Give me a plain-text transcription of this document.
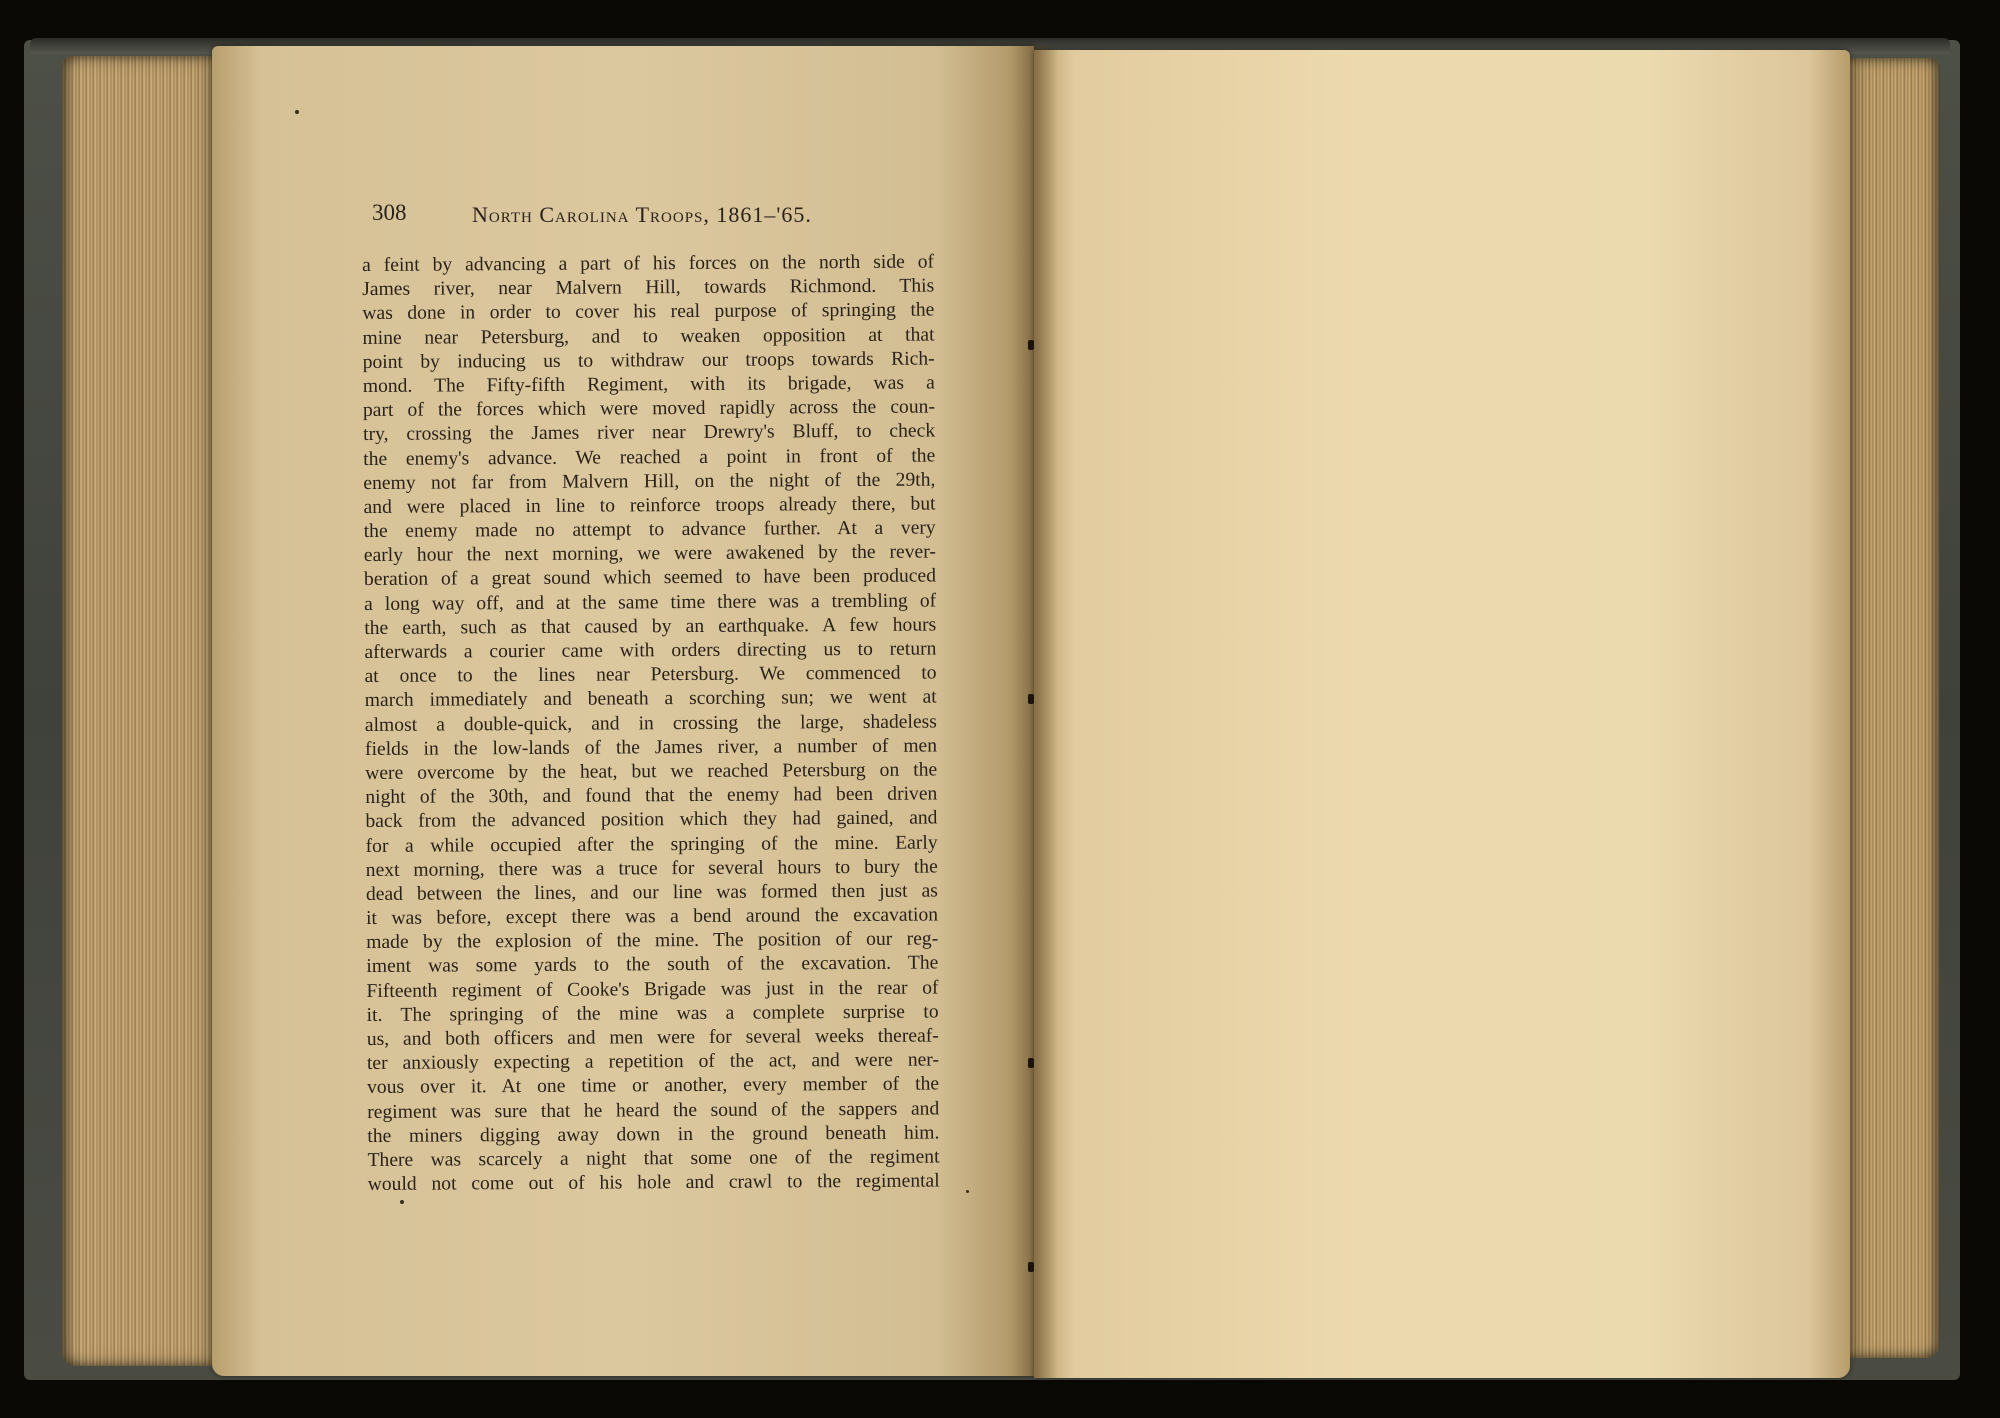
308	North Carolina Troops, 1861–'65.
a feint by advancing a part of his forces on the north side of
James river, near Malvern Hill, towards Richmond. This
was done in order to cover his real purpose of springing the
mine near Petersburg, and to weaken opposition at that
point by inducing us to withdraw our troops towards Rich-
mond. The Fifty-fifth Regiment, with its brigade, was a
part of the forces which were moved rapidly across the coun-
try, crossing the James river near Drewry's Bluff, to check
the enemy's advance. We reached a point in front of the
enemy not far from Malvern Hill, on the night of the 29th,
and were placed in line to reinforce troops already there, but
the enemy made no attempt to advance further. At a very
early hour the next morning, we were awakened by the rever-
beration of a great sound which seemed to have been produced
a long way off, and at the same time there was a trembling of
the earth, such as that caused by an earthquake. A few hours
afterwards a courier came with orders directing us to return
at once to the lines near Petersburg. We commenced to
march immediately and beneath a scorching sun; we went at
almost a double-quick, and in crossing the large, shadeless
fields in the low-lands of the James river, a number of men
were overcome by the heat, but we reached Petersburg on the
night of the 30th, and found that the enemy had been driven
back from the advanced position which they had gained, and
for a while occupied after the springing of the mine. Early
next morning, there was a truce for several hours to bury the
dead between the lines, and our line was formed then just as
it was before, except there was a bend around the excavation
made by the explosion of the mine. The position of our reg-
iment was some yards to the south of the excavation. The
Fifteenth regiment of Cooke's Brigade was just in the rear of
it. The springing of the mine was a complete surprise to
us, and both officers and men were for several weeks thereaf-
ter anxiously expecting a repetition of the act, and were ner-
vous over it. At one time or another, every member of the
regiment was sure that he heard the sound of the sappers and
the miners digging away down in the ground beneath him.
There was scarcely a night that some one of the regiment
would not come out of his hole and crawl to the regimental
